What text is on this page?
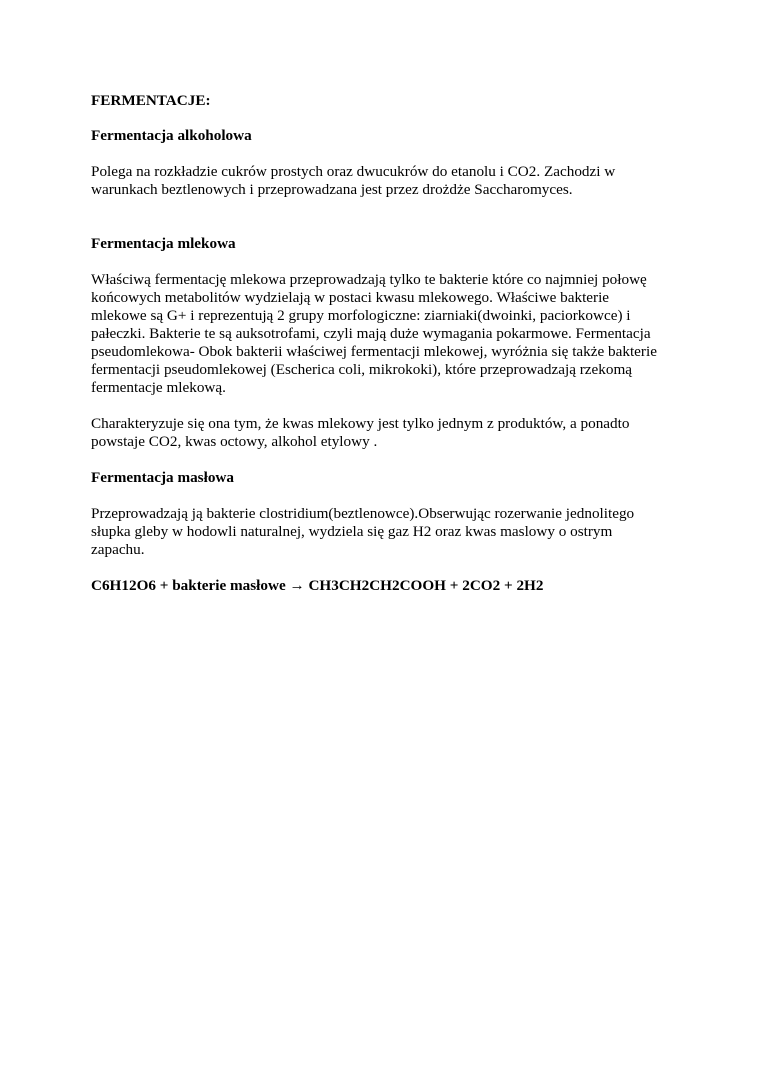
FERMENTACJE:

Fermentacja alkoholowa

Polega na rozkładzie cukrów prostych oraz dwucukrów do etanolu i CO2. Zachodzi w
warunkach beztlenowych i przeprowadzana jest przez drożdże Saccharomyces.

Fermentacja mlekowa

Właściwą fermentację mlekowa przeprowadzają tylko te bakterie które co najmniej połowę
końcowych metabolitów wydzielają w postaci kwasu mlekowego. Właściwe bakterie
mlekowe są G+ i reprezentują 2 grupy morfologiczne: ziarniaki(dwoinki, paciorkowce) i
pałeczki. Bakterie te są auksotrofami, czyli mają duże wymagania pokarmowe. Fermentacja
pseudomlekowa- Obok bakterii właściwej fermentacji mlekowej, wyróżnia się także bakterie
fermentacji pseudomlekowej (Escherica coli, mikrokoki), które przeprowadzają rzekomą
fermentacje mlekową.

Charakteryzuje się ona tym, że kwas mlekowy jest tylko jednym z produktów, a ponadto
powstaje CO2, kwas octowy, alkohol etylowy .

Fermentacja masłowa

Przeprowadzają ją bakterie clostridium(beztlenowce).Obserwując rozerwanie jednolitego
słupka gleby w hodowli naturalnej, wydziela się gaz H2 oraz kwas maslowy o ostrym
zapachu.

C6H12O6 + bakterie masłowe → CH3CH2CH2COOH + 2CO2 + 2H2
